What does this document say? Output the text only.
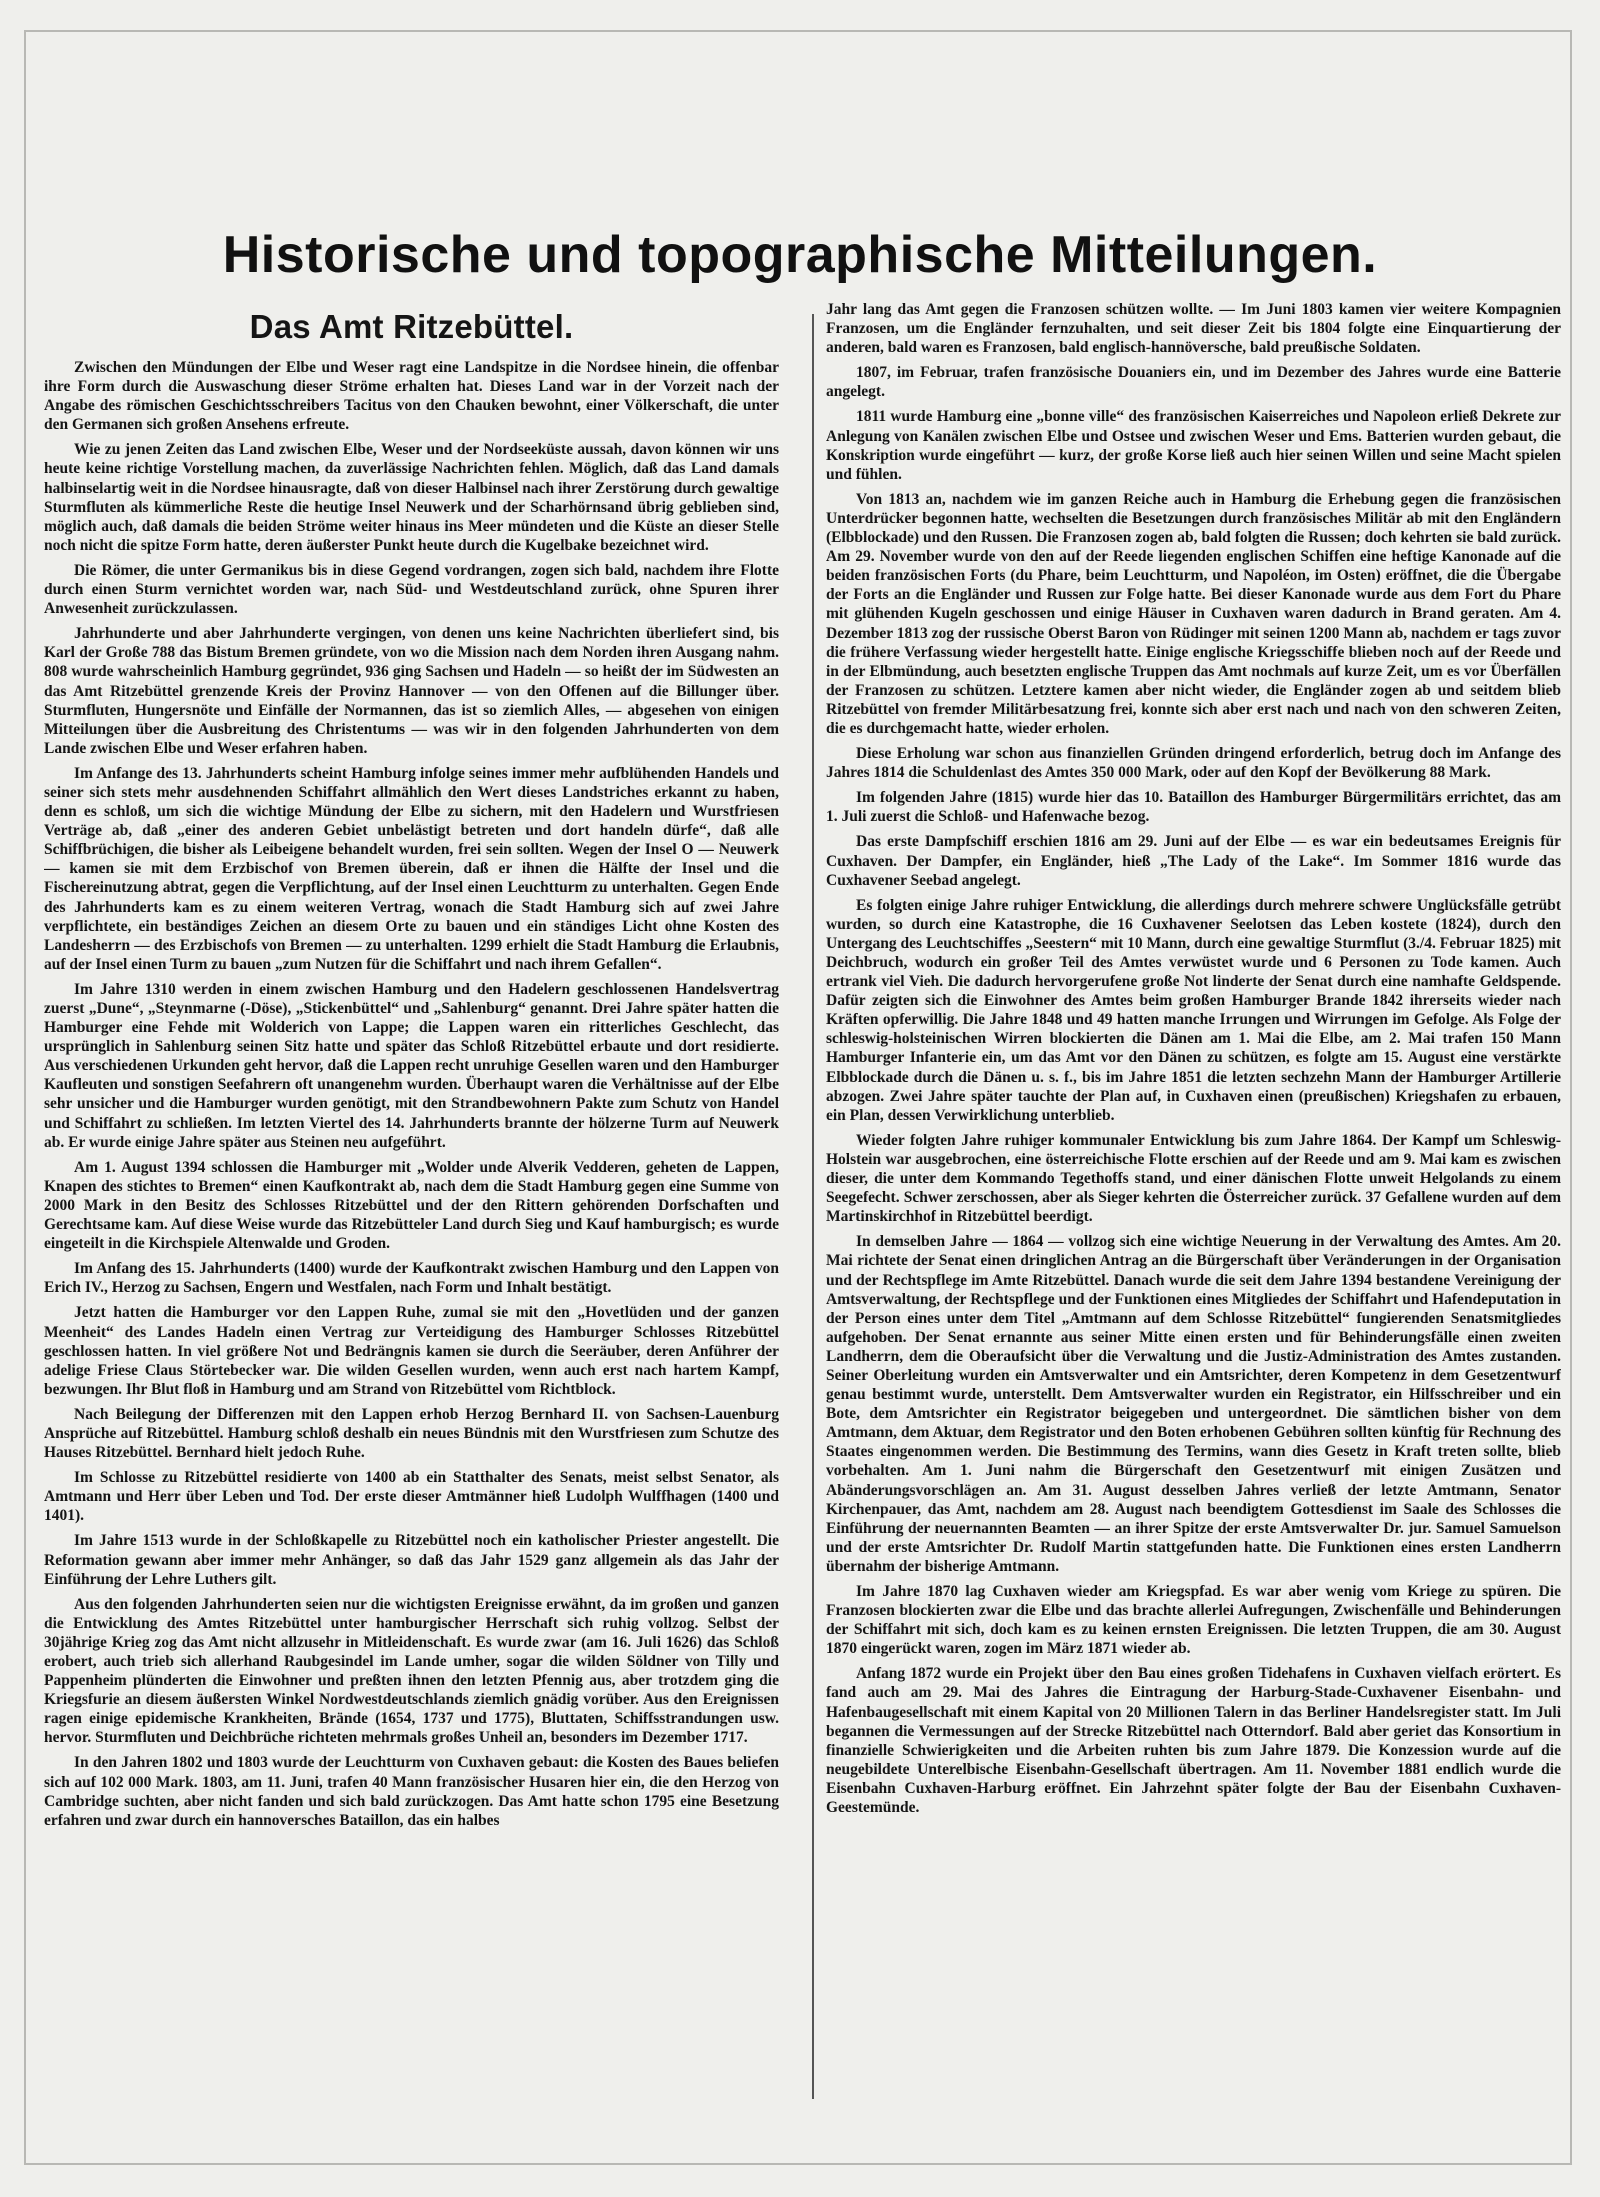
Historische und topographische Mitteilungen.
Das Amt Ritzebüttel.

Zwischen den Mündungen der Elbe und Weser ragt eine Landspitze in die Nordsee hinein, die offenbar ihre Form durch die Auswaschung dieser Ströme erhalten hat. Dieses Land war in der Vorzeit nach der Angabe des römischen Geschichtsschreibers Tacitus von den Chauken bewohnt, einer Völkerschaft, die unter den Germanen sich großen Ansehens erfreute.

Wie zu jenen Zeiten das Land zwischen Elbe, Weser und der Nordseeküste aussah, davon können wir uns heute keine richtige Vorstellung machen, da zuverlässige Nachrichten fehlen. Möglich, daß das Land damals halbinselartig weit in die Nordsee hinausragte, daß von dieser Halbinsel nach ihrer Zerstörung durch gewaltige Sturmfluten als kümmerliche Reste die heutige Insel Neuwerk und der Scharhörnsand übrig geblieben sind, möglich auch, daß damals die beiden Ströme weiter hinaus ins Meer mündeten und die Küste an dieser Stelle noch nicht die spitze Form hatte, deren äußerster Punkt heute durch die Kugelbake bezeichnet wird.

Die Römer, die unter Germanikus bis in diese Gegend vordrangen, zogen sich bald, nachdem ihre Flotte durch einen Sturm vernichtet worden war, nach Süd- und Westdeutschland zurück, ohne Spuren ihrer Anwesenheit zurückzulassen.

Jahrhunderte und aber Jahrhunderte vergingen, von denen uns keine Nachrichten überliefert sind, bis Karl der Große 788 das Bistum Bremen gründete, von wo die Mission nach dem Norden ihren Ausgang nahm. 808 wurde wahrscheinlich Hamburg gegründet, 936 ging Sachsen und Hadeln — so heißt der im Südwesten an das Amt Ritzebüttel grenzende Kreis der Provinz Hannover — von den Offenen auf die Billunger über. Sturmfluten, Hungersnöte und Einfälle der Normannen, das ist so ziemlich Alles, — abgesehen von einigen Mitteilungen über die Ausbreitung des Christentums — was wir in den folgenden Jahrhunderten von dem Lande zwischen Elbe und Weser erfahren haben.

Im Anfange des 13. Jahrhunderts scheint Hamburg infolge seines immer mehr aufblühenden Handels und seiner sich stets mehr ausdehnenden Schiffahrt allmählich den Wert dieses Landstriches erkannt zu haben, denn es schloß, um sich die wichtige Mündung der Elbe zu sichern, mit den Hadelern und Wurstfriesen Verträge ab, daß „einer des anderen Gebiet unbelästigt betreten und dort handeln dürfe“, daß alle Schiffbrüchigen, die bisher als Leibeigene behandelt wurden, frei sein sollten. Wegen der Insel O — Neuwerk — kamen sie mit dem Erzbischof von Bremen überein, daß er ihnen die Hälfte der Insel und die Fischereinutzung abtrat, gegen die Verpflichtung, auf der Insel einen Leuchtturm zu unterhalten. Gegen Ende des Jahrhunderts kam es zu einem weiteren Vertrag, wonach die Stadt Hamburg sich auf zwei Jahre verpflichtete, ein beständiges Zeichen an diesem Orte zu bauen und ein ständiges Licht ohne Kosten des Landesherrn — des Erzbischofs von Bremen — zu unterhalten. 1299 erhielt die Stadt Hamburg die Erlaubnis, auf der Insel einen Turm zu bauen „zum Nutzen für die Schiffahrt und nach ihrem Gefallen“.

Im Jahre 1310 werden in einem zwischen Hamburg und den Hadelern geschlossenen Handelsvertrag zuerst „Dune“, „Steynmarne (-Döse), „Stickenbüttel“ und „Sahlenburg“ genannt. Drei Jahre später hatten die Hamburger eine Fehde mit Wolderich von Lappe; die Lappen waren ein ritterliches Geschlecht, das ursprünglich in Sahlenburg seinen Sitz hatte und später das Schloß Ritzebüttel erbaute und dort residierte. Aus verschiedenen Urkunden geht hervor, daß die Lappen recht unruhige Gesellen waren und den Hamburger Kaufleuten und sonstigen Seefahrern oft unangenehm wurden. Überhaupt waren die Verhältnisse auf der Elbe sehr unsicher und die Hamburger wurden genötigt, mit den Strandbewohnern Pakte zum Schutz von Handel und Schiffahrt zu schließen. Im letzten Viertel des 14. Jahrhunderts brannte der hölzerne Turm auf Neuwerk ab. Er wurde einige Jahre später aus Steinen neu aufgeführt.

Am 1. August 1394 schlossen die Hamburger mit „Wolder unde Alverik Vedderen, geheten de Lappen, Knapen des stichtes to Bremen“ einen Kaufkontrakt ab, nach dem die Stadt Hamburg gegen eine Summe von 2000 Mark in den Besitz des Schlosses Ritzebüttel und der den Rittern gehörenden Dorfschaften und Gerechtsame kam. Auf diese Weise wurde das Ritzebütteler Land durch Sieg und Kauf hamburgisch; es wurde eingeteilt in die Kirchspiele Altenwalde und Groden.

Im Anfang des 15. Jahrhunderts (1400) wurde der Kaufkontrakt zwischen Hamburg und den Lappen von Erich IV., Herzog zu Sachsen, Engern und Westfalen, nach Form und Inhalt bestätigt.

Jetzt hatten die Hamburger vor den Lappen Ruhe, zumal sie mit den „Hovetlüden und der ganzen Meenheit“ des Landes Hadeln einen Vertrag zur Verteidigung des Hamburger Schlosses Ritzebüttel geschlossen hatten. In viel größere Not und Bedrängnis kamen sie durch die Seeräuber, deren Anführer der adelige Friese Claus Störtebecker war. Die wilden Gesellen wurden, wenn auch erst nach hartem Kampf, bezwungen. Ihr Blut floß in Hamburg und am Strand von Ritzebüttel vom Richtblock.

Nach Beilegung der Differenzen mit den Lappen erhob Herzog Bernhard II. von Sachsen-Lauenburg Ansprüche auf Ritzebüttel. Hamburg schloß deshalb ein neues Bündnis mit den Wurstfriesen zum Schutze des Hauses Ritzebüttel. Bernhard hielt jedoch Ruhe.

Im Schlosse zu Ritzebüttel residierte von 1400 ab ein Statthalter des Senats, meist selbst Senator, als Amtmann und Herr über Leben und Tod. Der erste dieser Amtmänner hieß Ludolph Wulffhagen (1400 und 1401).

Im Jahre 1513 wurde in der Schloßkapelle zu Ritzebüttel noch ein katholischer Priester angestellt. Die Reformation gewann aber immer mehr Anhänger, so daß das Jahr 1529 ganz allgemein als das Jahr der Einführung der Lehre Luthers gilt.

Aus den folgenden Jahrhunderten seien nur die wichtigsten Ereignisse erwähnt, da im großen und ganzen die Entwicklung des Amtes Ritzebüttel unter hamburgischer Herrschaft sich ruhig vollzog. Selbst der 30jährige Krieg zog das Amt nicht allzusehr in Mitleidenschaft. Es wurde zwar (am 16. Juli 1626) das Schloß erobert, auch trieb sich allerhand Raubgesindel im Lande umher, sogar die wilden Söldner von Tilly und Pappenheim plünderten die Einwohner und preßten ihnen den letzten Pfennig aus, aber trotzdem ging die Kriegsfurie an diesem äußersten Winkel Nordwestdeutschlands ziemlich gnädig vorüber. Aus den Ereignissen ragen einige epidemische Krankheiten, Brände (1654, 1737 und 1775), Bluttaten, Schiffsstrandungen usw. hervor. Sturmfluten und Deichbrüche richteten mehrmals großes Unheil an, besonders im Dezember 1717.

In den Jahren 1802 und 1803 wurde der Leuchtturm von Cuxhaven gebaut: die Kosten des Baues beliefen sich auf 102 000 Mark. 1803, am 11. Juni, trafen 40 Mann französischer Husaren hier ein, die den Herzog von Cambridge suchten, aber nicht fanden und sich bald zurückzogen. Das Amt hatte schon 1795 eine Besetzung erfahren und zwar durch ein hannoversches Bataillon, das ein halbes

Jahr lang das Amt gegen die Franzosen schützen wollte. — Im Juni 1803 kamen vier weitere Kompagnien Franzosen, um die Engländer fernzuhalten, und seit dieser Zeit bis 1804 folgte eine Einquartierung der anderen, bald waren es Franzosen, bald englisch-hannöversche, bald preußische Soldaten.

1807, im Februar, trafen französische Douaniers ein, und im Dezember des Jahres wurde eine Batterie angelegt.

1811 wurde Hamburg eine „bonne ville“ des französischen Kaiserreiches und Napoleon erließ Dekrete zur Anlegung von Kanälen zwischen Elbe und Ostsee und zwischen Weser und Ems. Batterien wurden gebaut, die Konskription wurde eingeführt — kurz, der große Korse ließ auch hier seinen Willen und seine Macht spielen und fühlen.

Von 1813 an, nachdem wie im ganzen Reiche auch in Hamburg die Erhebung gegen die französischen Unterdrücker begonnen hatte, wechselten die Besetzungen durch französisches Militär ab mit den Engländern (Elbblockade) und den Russen. Die Franzosen zogen ab, bald folgten die Russen; doch kehrten sie bald zurück. Am 29. November wurde von den auf der Reede liegenden englischen Schiffen eine heftige Kanonade auf die beiden französischen Forts (du Phare, beim Leuchtturm, und Napoléon, im Osten) eröffnet, die die Übergabe der Forts an die Engländer und Russen zur Folge hatte. Bei dieser Kanonade wurde aus dem Fort du Phare mit glühenden Kugeln geschossen und einige Häuser in Cuxhaven waren dadurch in Brand geraten. Am 4. Dezember 1813 zog der russische Oberst Baron von Rüdinger mit seinen 1200 Mann ab, nachdem er tags zuvor die frühere Verfassung wieder hergestellt hatte. Einige englische Kriegsschiffe blieben noch auf der Reede und in der Elbmündung, auch besetzten englische Truppen das Amt nochmals auf kurze Zeit, um es vor Überfällen der Franzosen zu schützen. Letztere kamen aber nicht wieder, die Engländer zogen ab und seitdem blieb Ritzebüttel von fremder Militärbesatzung frei, konnte sich aber erst nach und nach von den schweren Zeiten, die es durchgemacht hatte, wieder erholen.

Diese Erholung war schon aus finanziellen Gründen dringend erforderlich, betrug doch im Anfange des Jahres 1814 die Schuldenlast des Amtes 350 000 Mark, oder auf den Kopf der Bevölkerung 88 Mark.

Im folgenden Jahre (1815) wurde hier das 10. Bataillon des Hamburger Bürgermilitärs errichtet, das am 1. Juli zuerst die Schloß- und Hafenwache bezog.

Das erste Dampfschiff erschien 1816 am 29. Juni auf der Elbe — es war ein bedeutsames Ereignis für Cuxhaven. Der Dampfer, ein Engländer, hieß „The Lady of the Lake“. Im Sommer 1816 wurde das Cuxhavener Seebad angelegt.

Es folgten einige Jahre ruhiger Entwicklung, die allerdings durch mehrere schwere Unglücksfälle getrübt wurden, so durch eine Katastrophe, die 16 Cuxhavener Seelotsen das Leben kostete (1824), durch den Untergang des Leuchtschiffes „Seestern“ mit 10 Mann, durch eine gewaltige Sturmflut (3./4. Februar 1825) mit Deichbruch, wodurch ein großer Teil des Amtes verwüstet wurde und 6 Personen zu Tode kamen. Auch ertrank viel Vieh. Die dadurch hervorgerufene große Not linderte der Senat durch eine namhafte Geldspende. Dafür zeigten sich die Einwohner des Amtes beim großen Hamburger Brande 1842 ihrerseits wieder nach Kräften opferwillig. Die Jahre 1848 und 49 hatten manche Irrungen und Wirrungen im Gefolge. Als Folge der schleswig-holsteinischen Wirren blockierten die Dänen am 1. Mai die Elbe, am 2. Mai trafen 150 Mann Hamburger Infanterie ein, um das Amt vor den Dänen zu schützen, es folgte am 15. August eine verstärkte Elbblockade durch die Dänen u. s. f., bis im Jahre 1851 die letzten sechzehn Mann der Hamburger Artillerie abzogen. Zwei Jahre später tauchte der Plan auf, in Cuxhaven einen (preußischen) Kriegshafen zu erbauen, ein Plan, dessen Verwirklichung unterblieb.

Wieder folgten Jahre ruhiger kommunaler Entwicklung bis zum Jahre 1864. Der Kampf um Schleswig-Holstein war ausgebrochen, eine österreichische Flotte erschien auf der Reede und am 9. Mai kam es zwischen dieser, die unter dem Kommando Tegethoffs stand, und einer dänischen Flotte unweit Helgolands zu einem Seegefecht. Schwer zerschossen, aber als Sieger kehrten die Österreicher zurück. 37 Gefallene wurden auf dem Martinskirchhof in Ritzebüttel beerdigt.

In demselben Jahre — 1864 — vollzog sich eine wichtige Neuerung in der Verwaltung des Amtes. Am 20. Mai richtete der Senat einen dringlichen Antrag an die Bürgerschaft über Veränderungen in der Organisation und der Rechtspflege im Amte Ritzebüttel. Danach wurde die seit dem Jahre 1394 bestandene Vereinigung der Amtsverwaltung, der Rechtspflege und der Funktionen eines Mitgliedes der Schiffahrt und Hafendeputation in der Person eines unter dem Titel „Amtmann auf dem Schlosse Ritzebüttel“ fungierenden Senatsmitgliedes aufgehoben. Der Senat ernannte aus seiner Mitte einen ersten und für Behinderungsfälle einen zweiten Landherrn, dem die Oberaufsicht über die Verwaltung und die Justiz-Administration des Amtes zustanden. Seiner Oberleitung wurden ein Amtsverwalter und ein Amtsrichter, deren Kompetenz in dem Gesetzentwurf genau bestimmt wurde, unterstellt. Dem Amtsverwalter wurden ein Registrator, ein Hilfsschreiber und ein Bote, dem Amtsrichter ein Registrator beigegeben und untergeordnet. Die sämtlichen bisher von dem Amtmann, dem Aktuar, dem Registrator und den Boten erhobenen Gebühren sollten künftig für Rechnung des Staates eingenommen werden. Die Bestimmung des Termins, wann dies Gesetz in Kraft treten sollte, blieb vorbehalten. Am 1. Juni nahm die Bürgerschaft den Gesetzentwurf mit einigen Zusätzen und Abänderungsvorschlägen an. Am 31. August desselben Jahres verließ der letzte Amtmann, Senator Kirchenpauer, das Amt, nachdem am 28. August nach beendigtem Gottesdienst im Saale des Schlosses die Einführung der neuernannten Beamten — an ihrer Spitze der erste Amtsverwalter Dr. jur. Samuel Samuelson und der erste Amtsrichter Dr. Rudolf Martin stattgefunden hatte. Die Funktionen eines ersten Landherrn übernahm der bisherige Amtmann.

Im Jahre 1870 lag Cuxhaven wieder am Kriegspfad. Es war aber wenig vom Kriege zu spüren. Die Franzosen blockierten zwar die Elbe und das brachte allerlei Aufregungen, Zwischenfälle und Behinderungen der Schiffahrt mit sich, doch kam es zu keinen ernsten Ereignissen. Die letzten Truppen, die am 30. August 1870 eingerückt waren, zogen im März 1871 wieder ab.

Anfang 1872 wurde ein Projekt über den Bau eines großen Tidehafens in Cuxhaven vielfach erörtert. Es fand auch am 29. Mai des Jahres die Eintragung der Harburg-Stade-Cuxhavener Eisenbahn- und Hafenbaugesellschaft mit einem Kapital von 20 Millionen Talern in das Berliner Handelsregister statt. Im Juli begannen die Vermessungen auf der Strecke Ritzebüttel nach Otterndorf. Bald aber geriet das Konsortium in finanzielle Schwierigkeiten und die Arbeiten ruhten bis zum Jahre 1879. Die Konzession wurde auf die neugebildete Unterelbische Eisenbahn-Gesellschaft übertragen. Am 11. November 1881 endlich wurde die Eisenbahn Cuxhaven-Harburg eröffnet. Ein Jahrzehnt später folgte der Bau der Eisenbahn Cuxhaven-Geestemünde.
